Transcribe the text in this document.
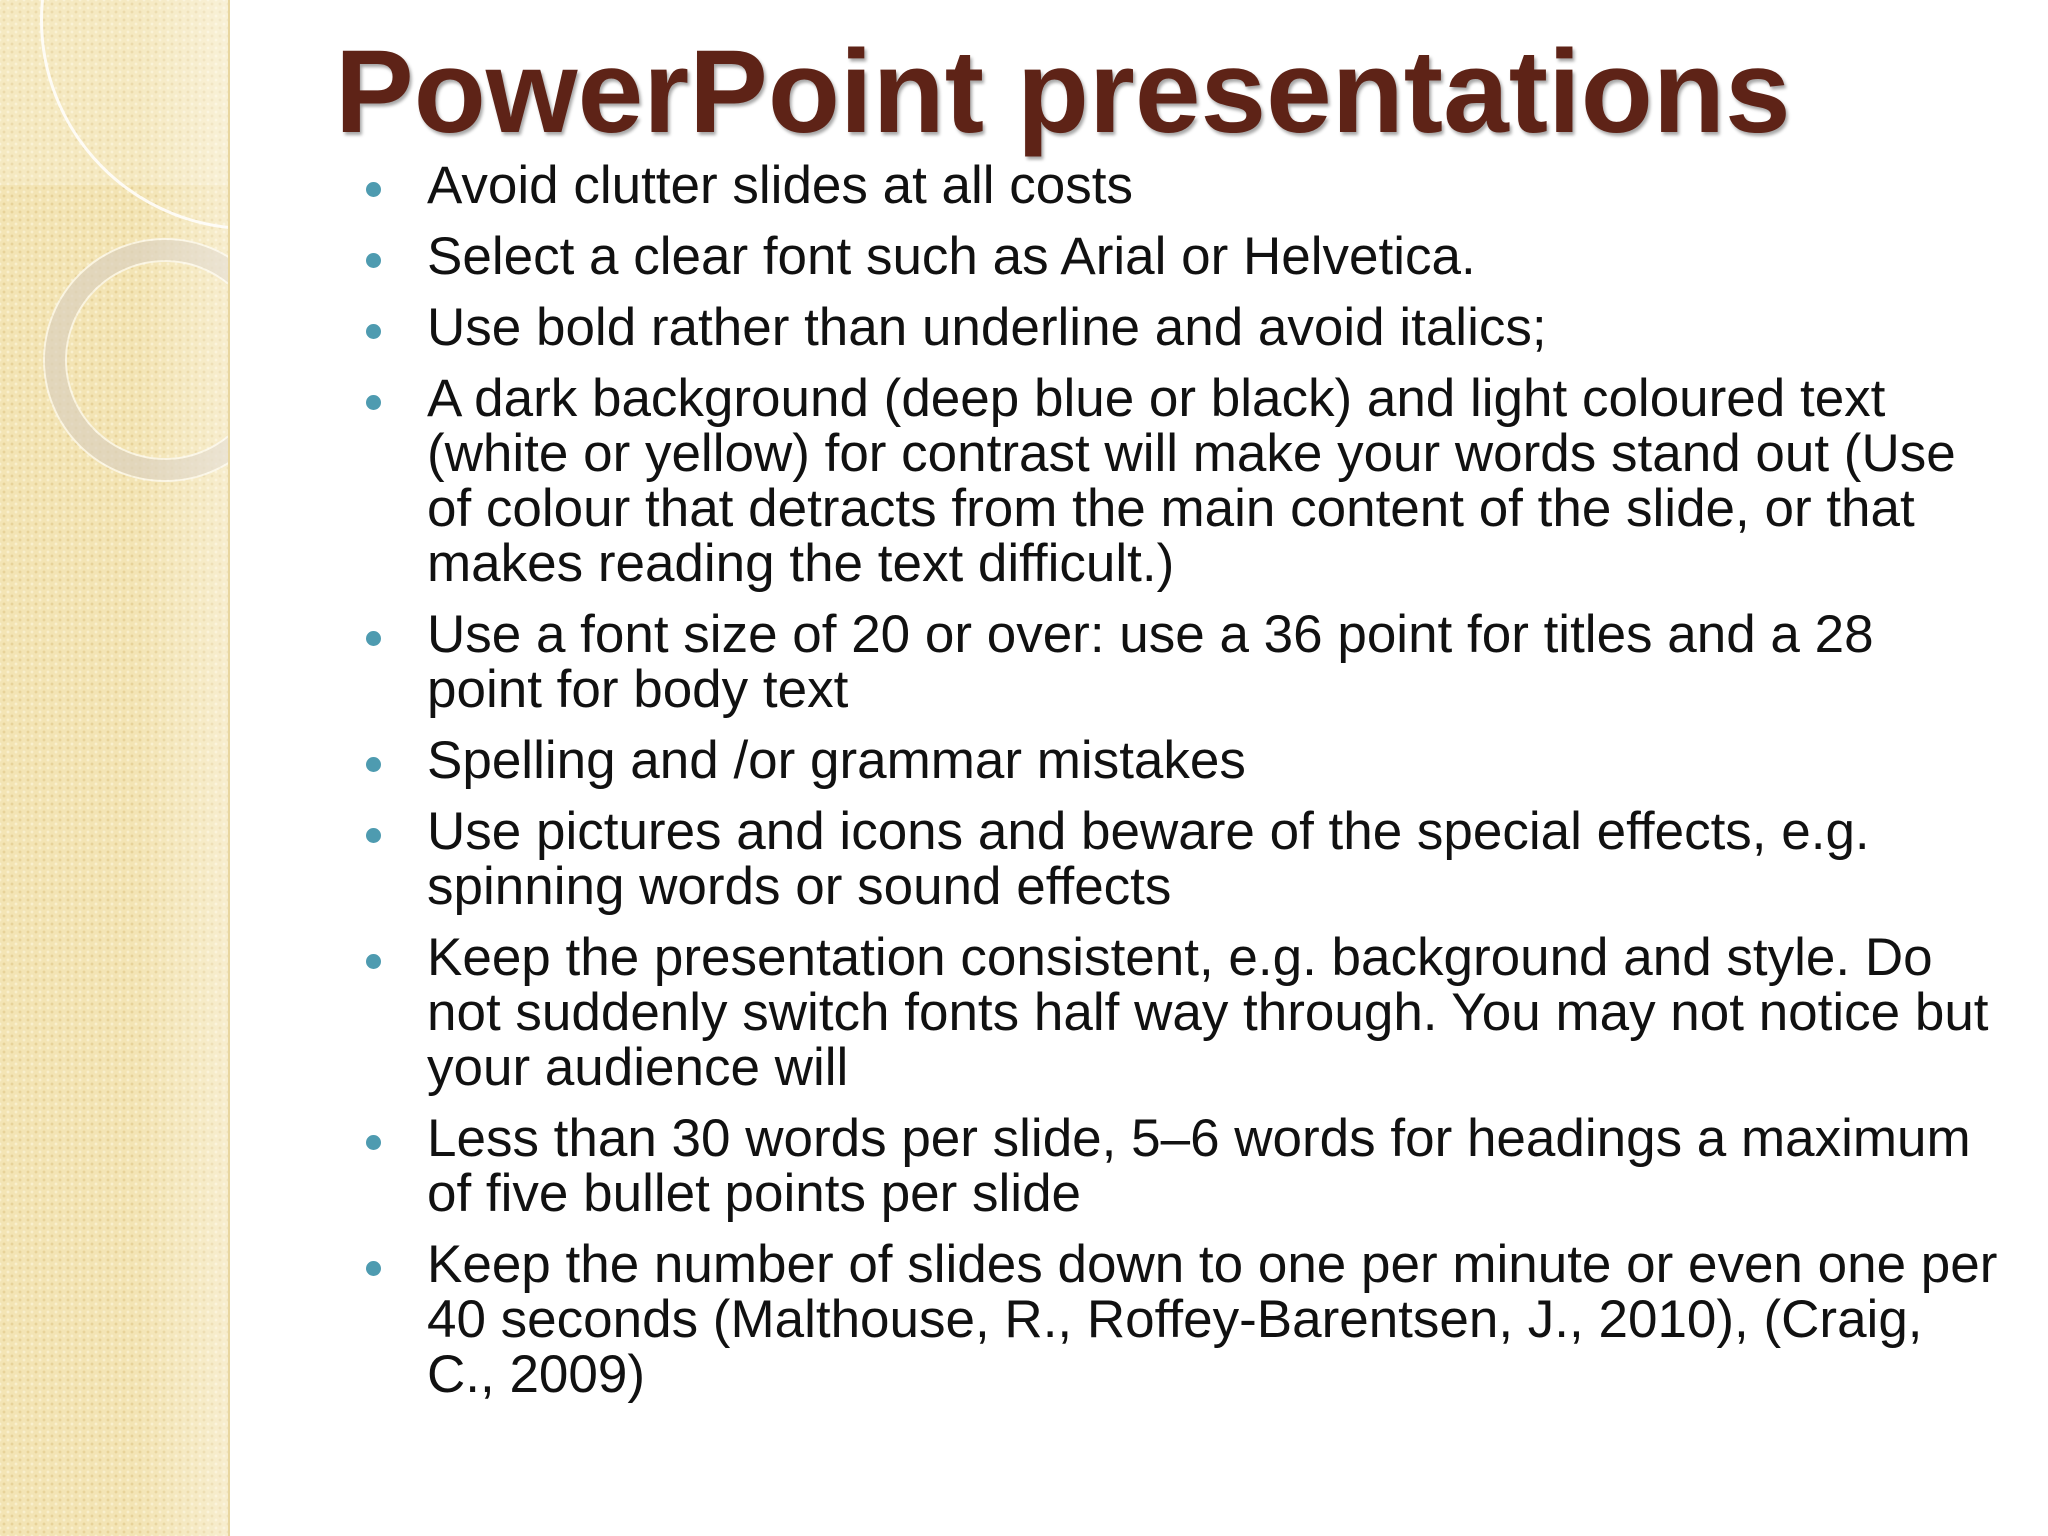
PowerPoint presentations
Avoid clutter slides at all costs
Select a clear font such as Arial or Helvetica.
Use bold rather than underline and avoid italics;
A dark background (deep blue or black) and light coloured text (white or yellow) for contrast will make your words stand out (Use of colour that detracts from the main content of the slide, or that makes reading the text difficult.)
Use a font size of 20 or over: use a 36 point for titles and a 28 point for body text
Spelling and /or grammar mistakes
Use pictures and icons and beware of the special effects, e.g. spinning words or sound effects
Keep the presentation consistent, e.g. background and style. Do not suddenly switch fonts half way through. You may not notice but your audience will
Less than 30 words per slide, 5–6 words for headings a maximum of five bullet points per slide
Keep the number of slides down to one per minute or even one per 40 seconds (Malthouse, R., Roffey-Barentsen, J., 2010), (Craig, C., 2009)
